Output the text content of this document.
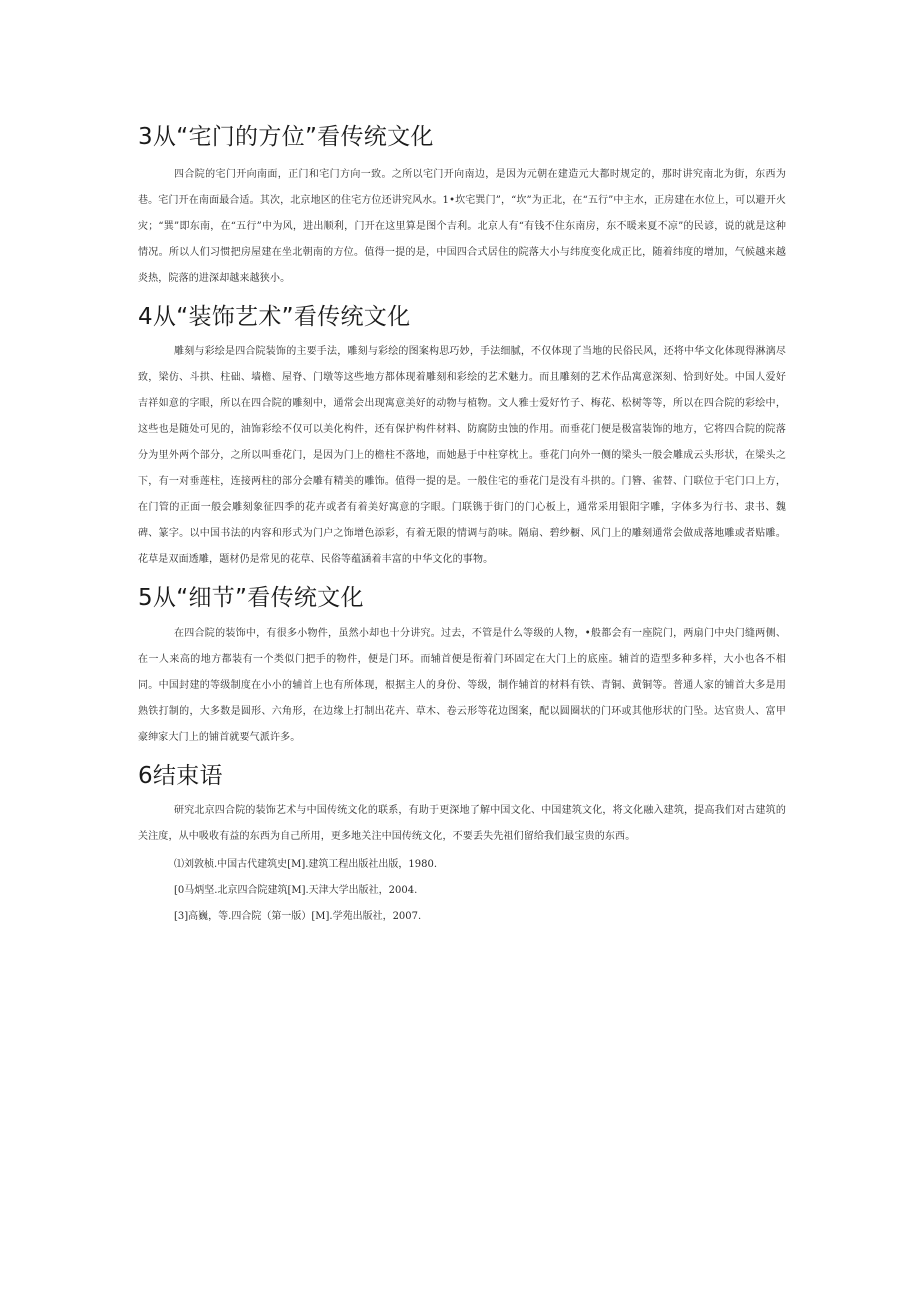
3从“宅门的方位”看传统文化

四合院的宅门开向南面，正门和宅门方向一致。之所以宅门开向南边，是因为元朝在建造元大都时规定的，那时讲究南北为街，东西为巷。宅门开在南面最合适。其次，北京地区的住宅方位还讲究风水。1•坎宅巽门”，“坎”为正北，在“五行”中主水，正房建在水位上，可以避开火灾；“巽”即东南，在“五行”中为风，进出顺利，门开在这里算是图个吉利。北京人有“有钱不住东南房，东不暖来夏不凉”的民谚，说的就是这种情况。所以人们习惯把房屋建在坐北朝南的方位。值得一提的是，中国四合式居住的院落大小与纬度变化成正比，随着纬度的增加，气候越来越炎热，院落的进深却越来越狭小。

4从“装饰艺术”看传统文化

雕刻与彩绘是四合院装饰的主要手法，雕刻与彩绘的图案构思巧妙，手法细腻，不仅体现了当地的民俗民风，还将中华文化体现得淋漓尽致，梁仿、斗拱、柱础、墙檐、屋脊、门墩等这些地方都体现着雕刻和彩绘的艺术魅力。而且雕刻的艺术作品寓意深刻、恰到好处。中国人爱好吉祥如意的字眼，所以在四合院的雕刻中，通常会出现寓意美好的动物与植物。文人雅士爱好竹子、梅花、松树等等，所以在四合院的彩绘中，这些也是随处可见的，油饰彩绘不仅可以美化构件，还有保护构件材料、防腐防虫蚀的作用。而垂花门便是极富装饰的地方，它将四合院的院落分为里外两个部分，之所以叫垂花门，是因为门上的檐柱不落地，而她悬于中柱穿枕上。垂花门向外一侧的梁头一般会雕成云头形状，在梁头之下，有一对垂莲柱，连接两柱的部分会雕有精美的雕饰。值得一提的是。一般住宅的垂花门是没有斗拱的。门簪、雀替、门联位于宅门口上方，在门管的正面一般会雕刻象征四季的花卉或者有着美好寓意的字眼。门联镌于街门的门心板上，通常采用银阳字雕，字体多为行书、隶书、魏碑、篆字。以中国书法的内容和形式为门户之饰增色添彩，有着无限的情调与韵味。隔扇、碧纱橱、风门上的雕刻通常会做成落地雕或者贴雕。花草是双面透雕，题材仍是常见的花草、民俗等蕴涵着丰富的中华文化的事物。

5从“细节”看传统文化

在四合院的装饰中，有很多小物件，虽然小却也十分讲究。过去，不管是什么等级的人物，•般都会有一座院门，两扇门中央门缝两侧、在一人来高的地方都装有一个类似门把手的物件，便是门环。而辅首便是衔着门环固定在大门上的底座。辅首的造型多种多样，大小也各不相同。中国封建的等级制度在小小的辅首上也有所体现，根据主人的身份、等级，制作辅首的材料有铁、青铜、黄铜等。普通人家的铺首大多是用熟铁打制的，大多数是圆形、六角形，在边缘上打制出花卉、草木、卷云形等花边图案，配以圆圈状的门环或其他形状的门坠。达官贵人、富甲豪绅家大门上的铺首就要气派许多。

6结束语

研究北京四合院的装饰艺术与中国传统文化的联系，有助于更深地了解中国文化、中国建筑文化，将文化融入建筑，提高我们对古建筑的关注度，从中吸收有益的东西为自己所用，更多地关注中国传统文化，不要丢失先祖们留给我们最宝贵的东西。

⑴刘敦桢.中国古代建筑史[M].建筑工程出版社出版，1980.
[0马炳坚.北京四合院建筑[M].天津大学出版社，2004.
[3]高巍，等.四合院（第一版）[M].学苑出版社，2007.
